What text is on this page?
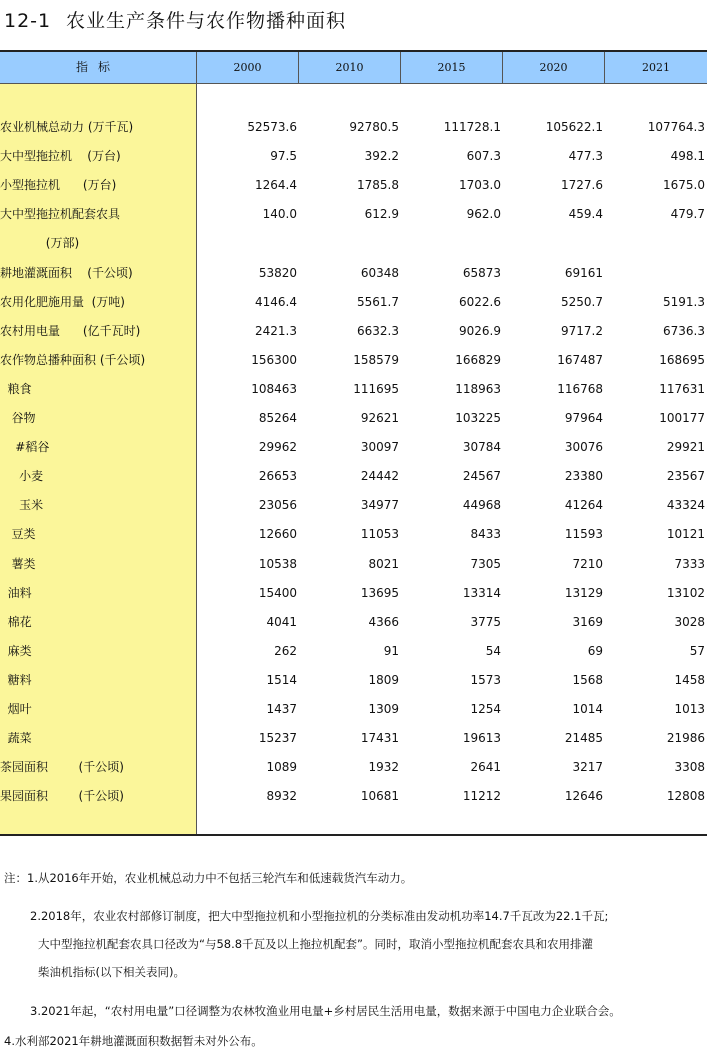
12-1 农业生产条件与农作物播种面积
指标	2000	2010	2015	2020	2021
农业机械总动力 (万千瓦)	52573.6	92780.5	111728.1	105622.1	107764.3
大中型拖拉机    (万台)	97.5	392.2	607.3	477.3	498.1
小型拖拉机      (万台)	1264.4	1785.8	1703.0	1727.6	1675.0
大中型拖拉机配套农具	140.0	612.9	962.0	459.4	479.7
(万部)
耕地灌溉面积    (千公顷)	53820	60348	65873	69161
农用化肥施用量  (万吨)	4146.4	5561.7	6022.6	5250.7	5191.3
农村用电量      (亿千瓦时)	2421.3	6632.3	9026.9	9717.2	6736.3
农作物总播种面积 (千公顷)	156300	158579	166829	167487	168695
粮食	108463	111695	118963	116768	117631
谷物	85264	92621	103225	97964	100177
#稻谷	29962	30097	30784	30076	29921
小麦	26653	24442	24567	23380	23567
玉米	23056	34977	44968	41264	43324
豆类	12660	11053	8433	11593	10121
薯类	10538	8021	7305	7210	7333
油料	15400	13695	13314	13129	13102
棉花	4041	4366	3775	3169	3028
麻类	262	91	54	69	57
糖料	1514	1809	1573	1568	1458
烟叶	1437	1309	1254	1014	1013
蔬菜	15237	17431	19613	21485	21986
茶园面积        (千公顷)	1089	1932	2641	3217	3308
果园面积        (千公顷)	8932	10681	11212	12646	12808
注：1.从2016年开始，农业机械总动力中不包括三轮汽车和低速载货汽车动力。
2.2018年，农业农村部修订制度，把大中型拖拉机和小型拖拉机的分类标准由发动机功率14.7千瓦改为22.1千瓦;
大中型拖拉机配套农具口径改为“与58.8千瓦及以上拖拉机配套”。同时，取消小型拖拉机配套农具和农用排灌
柴油机指标(以下相关表同)。
3.2021年起，“农村用电量”口径调整为农林牧渔业用电量+乡村居民生活用电量，数据来源于中国电力企业联合会。
4.水利部2021年耕地灌溉面积数据暂未对外公布。
